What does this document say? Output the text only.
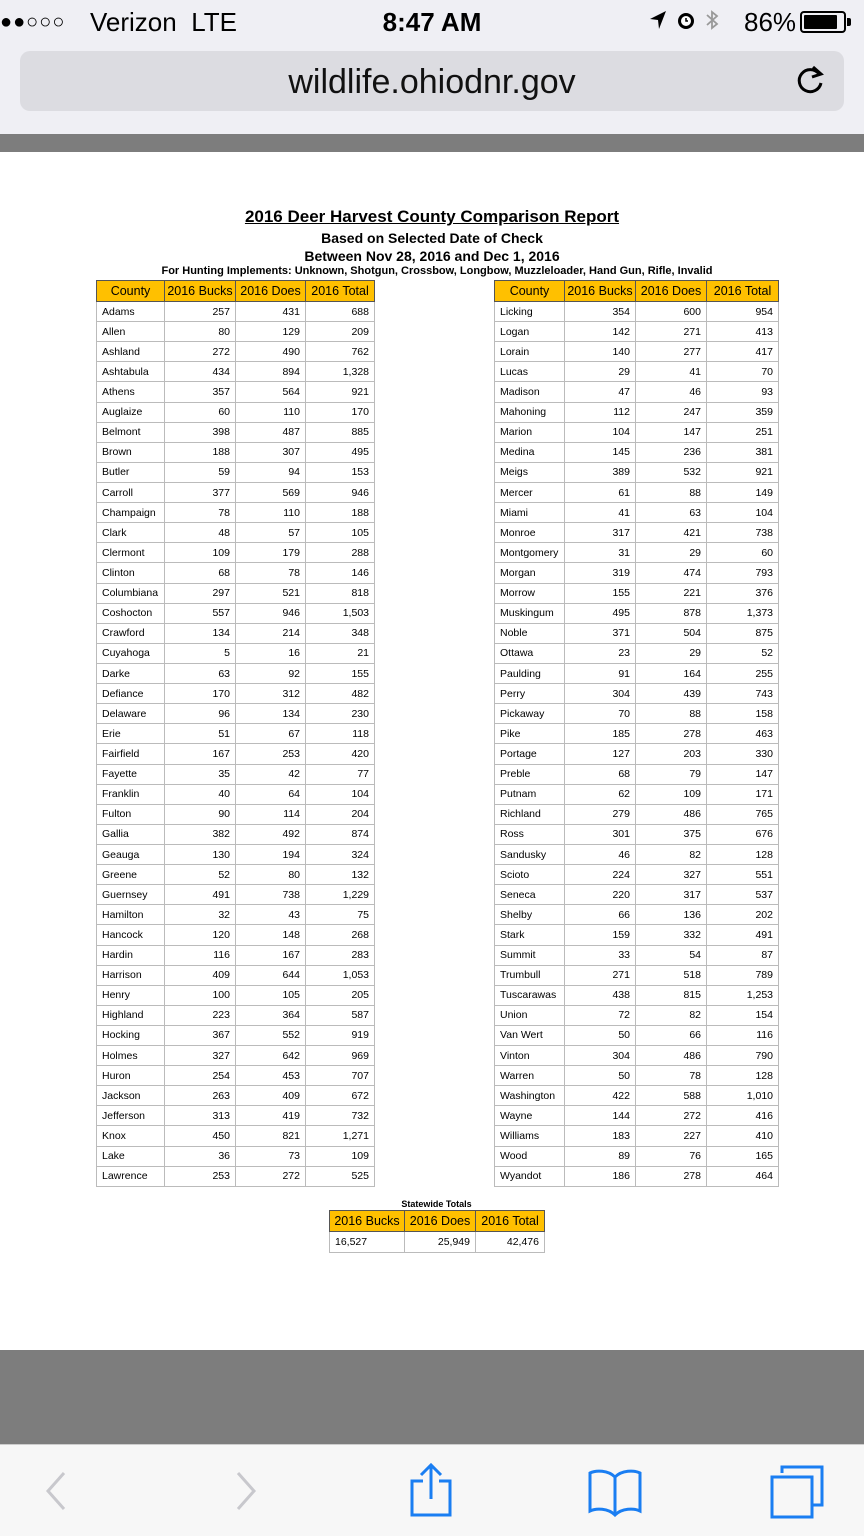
●●○○○ Verizon LTE	8:47 AM
	86%
wildlife.ohiodnr.gov
2016 Deer Harvest County Comparison Report
Based on Selected Date of Check
Between Nov 28, 2016 and Dec 1, 2016
For Hunting Implements: Unknown, Shotgun, Crossbow, Longbow, Muzzleloader, Hand Gun, Rifle, Invalid
County	2016 Bucks	2016 Does	2016 Total
Adams	257	431	688
Allen	80	129	209
Ashland	272	490	762
Ashtabula	434	894	1,328
Athens	357	564	921
Auglaize	60	110	170
Belmont	398	487	885
Brown	188	307	495
Butler	59	94	153
Carroll	377	569	946
Champaign	78	110	188
Clark	48	57	105
Clermont	109	179	288
Clinton	68	78	146
Columbiana	297	521	818
Coshocton	557	946	1,503
Crawford	134	214	348
Cuyahoga	5	16	21
Darke	63	92	155
Defiance	170	312	482
Delaware	96	134	230
Erie	51	67	118
Fairfield	167	253	420
Fayette	35	42	77
Franklin	40	64	104
Fulton	90	114	204
Gallia	382	492	874
Geauga	130	194	324
Greene	52	80	132
Guernsey	491	738	1,229
Hamilton	32	43	75
Hancock	120	148	268
Hardin	116	167	283
Harrison	409	644	1,053
Henry	100	105	205
Highland	223	364	587
Hocking	367	552	919
Holmes	327	642	969
Huron	254	453	707
Jackson	263	409	672
Jefferson	313	419	732
Knox	450	821	1,271
Lake	36	73	109
Lawrence	253	272	525
County	2016 Bucks	2016 Does	2016 Total
Licking	354	600	954
Logan	142	271	413
Lorain	140	277	417
Lucas	29	41	70
Madison	47	46	93
Mahoning	112	247	359
Marion	104	147	251
Medina	145	236	381
Meigs	389	532	921
Mercer	61	88	149
Miami	41	63	104
Monroe	317	421	738
Montgomery	31	29	60
Morgan	319	474	793
Morrow	155	221	376
Muskingum	495	878	1,373
Noble	371	504	875
Ottawa	23	29	52
Paulding	91	164	255
Perry	304	439	743
Pickaway	70	88	158
Pike	185	278	463
Portage	127	203	330
Preble	68	79	147
Putnam	62	109	171
Richland	279	486	765
Ross	301	375	676
Sandusky	46	82	128
Scioto	224	327	551
Seneca	220	317	537
Shelby	66	136	202
Stark	159	332	491
Summit	33	54	87
Trumbull	271	518	789
Tuscarawas	438	815	1,253
Union	72	82	154
Van Wert	50	66	116
Vinton	304	486	790
Warren	50	78	128
Washington	422	588	1,010
Wayne	144	272	416
Williams	183	227	410
Wood	89	76	165
Wyandot	186	278	464
Statewide Totals
2016 Bucks	2016 Does	2016 Total
16,527	25,949	42,476
